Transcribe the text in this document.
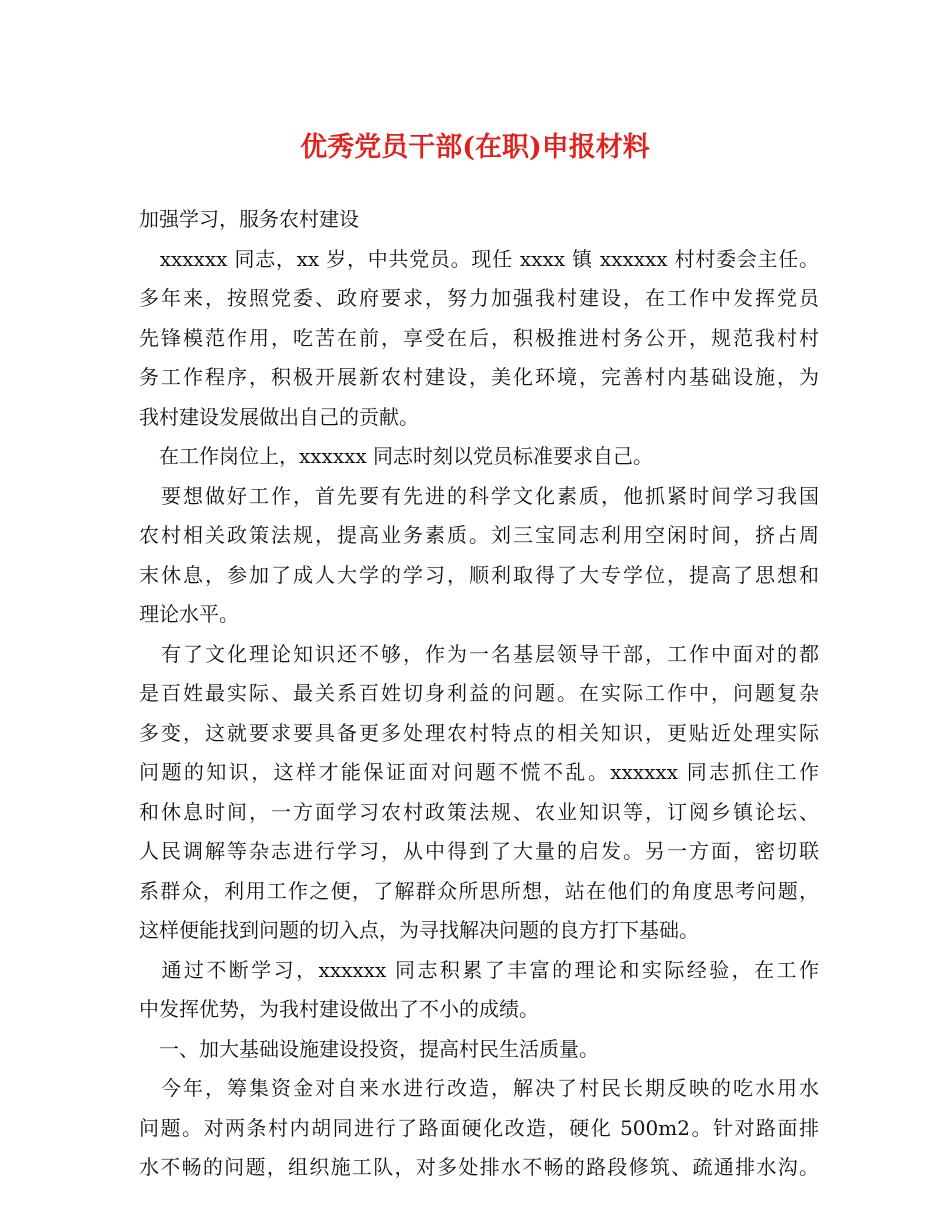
优秀党员干部(在职)申报材料
加强学习，服务农村建设
　xxxxxx 同志，xx 岁，中共党员。现任 xxxx 镇 xxxxxx 村村委会主任。
多年来，按照党委、政府要求，努力加强我村建设，在工作中发挥党员
先锋模范作用，吃苦在前，享受在后，积极推进村务公开，规范我村村
务工作程序，积极开展新农村建设，美化环境，完善村内基础设施，为
我村建设发展做出自己的贡献。
　在工作岗位上，xxxxxx 同志时刻以党员标准要求自己。
　要想做好工作，首先要有先进的科学文化素质，他抓紧时间学习我国
农村相关政策法规，提高业务素质。刘三宝同志利用空闲时间，挤占周
末休息，参加了成人大学的学习，顺利取得了大专学位，提高了思想和
理论水平。
　有了文化理论知识还不够，作为一名基层领导干部，工作中面对的都
是百姓最实际、最关系百姓切身利益的问题。在实际工作中，问题复杂
多变，这就要求要具备更多处理农村特点的相关知识，更贴近处理实际
问题的知识，这样才能保证面对问题不慌不乱。xxxxxx 同志抓住工作
和休息时间，一方面学习农村政策法规、农业知识等，订阅乡镇论坛、
人民调解等杂志进行学习，从中得到了大量的启发。另一方面，密切联
系群众，利用工作之便，了解群众所思所想，站在他们的角度思考问题，
这样便能找到问题的切入点，为寻找解决问题的良方打下基础。
　通过不断学习，xxxxxx 同志积累了丰富的理论和实际经验，在工作
中发挥优势，为我村建设做出了不小的成绩。
　一、加大基础设施建设投资，提高村民生活质量。
　今年，筹集资金对自来水进行改造，解决了村民长期反映的吃水用水
问题。对两条村内胡同进行了路面硬化改造，硬化 500m2。针对路面排
水不畅的问题，组织施工队，对多处排水不畅的路段修筑、疏通排水沟。
